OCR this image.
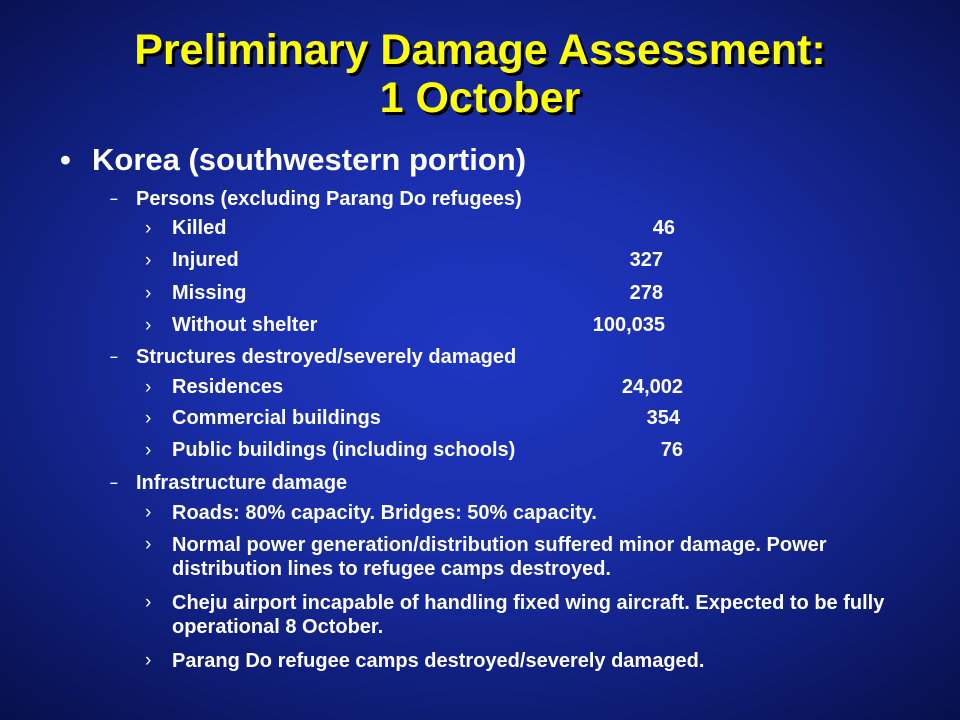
Preliminary Damage Assessment:
1 October
• Korea (southwestern portion)
– Persons (excluding Parang Do refugees)
› Killed	46
› Injured	327
› Missing	278
› Without shelter	100,035
– Structures destroyed/severely damaged
› Residences	24,002
› Commercial buildings	354
› Public buildings (including schools)	76
– Infrastructure damage
› Roads: 80% capacity. Bridges: 50% capacity.
› Normal power generation/distribution suffered minor damage. Power distribution lines to refugee camps destroyed.
› Cheju airport incapable of handling fixed wing aircraft. Expected to be fully operational 8 October.
› Parang Do refugee camps destroyed/severely damaged.
